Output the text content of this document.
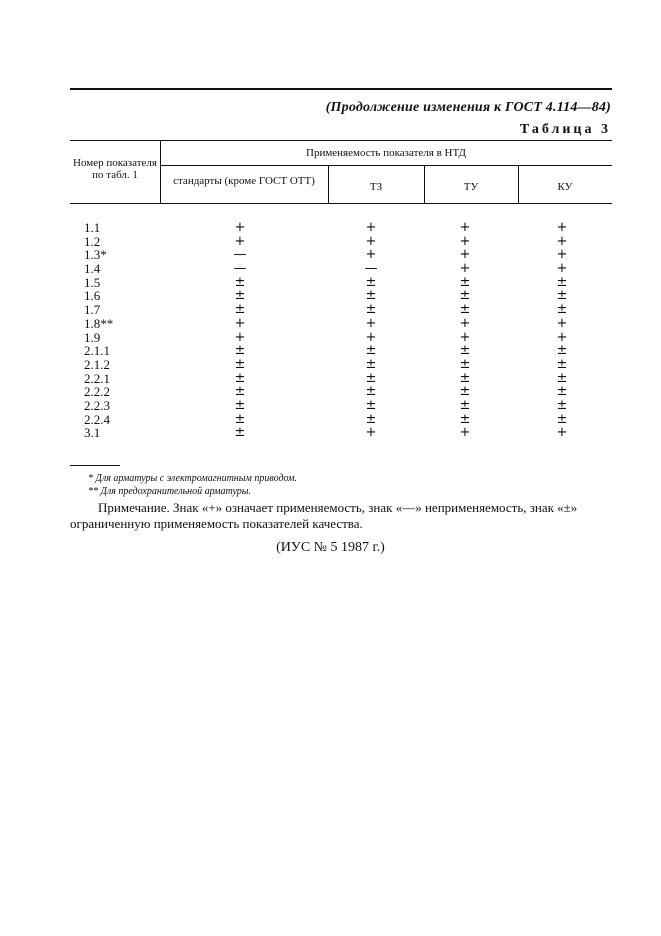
(Продолжение изменения к ГОСТ 4.114—84)
Таблица 3
Номер показателя по табл. 1
Применяемость показателя в НТД
стандарты (кроме ГОСТ ОТТ)	ТЗ	ТУ	КУ
1.1	+	+	+	+
1.2	+	+	+	+
1.3*	—	+	+	+
1.4	—	—	+	+
1.5	±	±	±	±
1.6	±	±	±	±
1.7	±	±	±	±
1.8**	+	+	+	+
1.9	+	+	+	+
2.1.1	±	±	±	±
2.1.2	±	±	±	±
2.2.1	±	±	±	±
2.2.2	±	±	±	±
2.2.3	±	±	±	±
2.2.4	±	±	±	±
3.1	±	+	+	+
* Для арматуры с электромагнитным приводом.
** Для предохранительной арматуры.
Примечание. Знак «+» означает применяемость, знак «—» неприменяемость, знак «±» ограниченную применяемость показателей качества.
(ИУС № 5 1987 г.)
